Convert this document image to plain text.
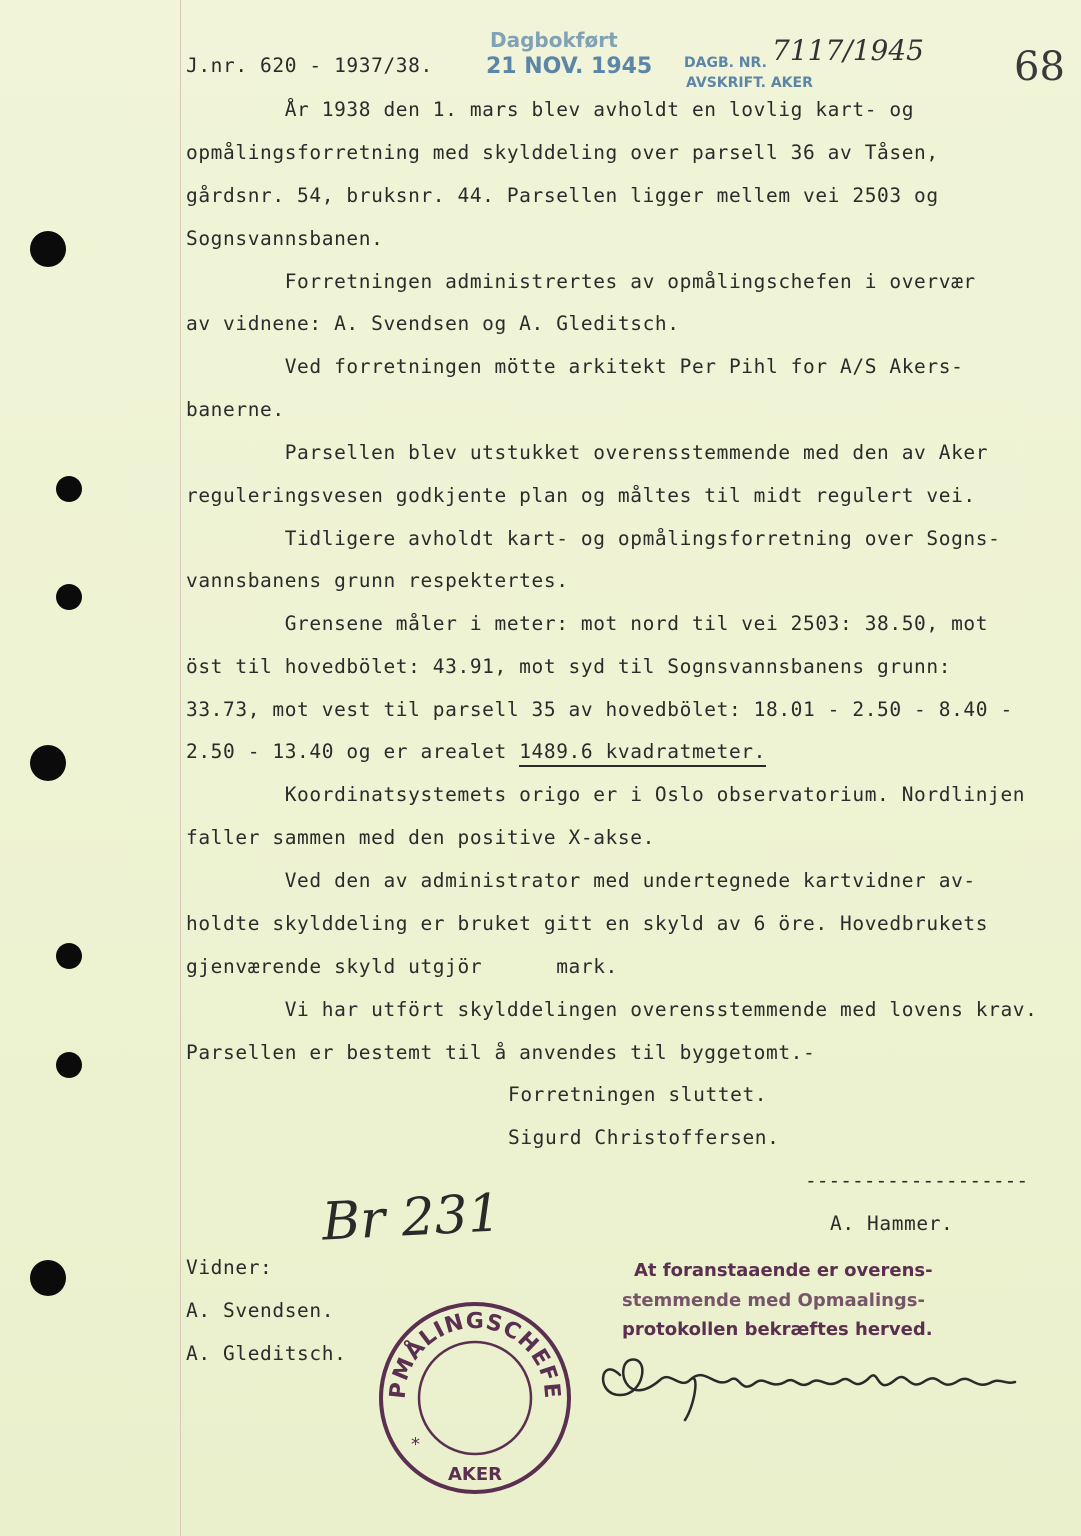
J.nr. 620 - 1937/38.
Dagbokført
21 NOV. 1945 DAGB. NR. 7117/1945
AVSKRIFT. AKER	68
År 1938 den 1. mars blev avholdt en lovlig kart- og
opmålingsforretning med skylddeling over parsell 36 av Tåsen,
gårdsnr. 54, bruksnr. 44. Parsellen ligger mellem vei 2503 og
Sognsvannsbanen.
Forretningen administrertes av opmålingschefen i overvær
av vidnene: A. Svendsen og A. Gleditsch.
Ved forretningen mötte arkitekt Per Pihl for A/S Akers-
banerne.
Parsellen blev utstukket overensstemmende med den av Aker
reguleringsvesen godkjente plan og måltes til midt regulert vei.
Tidligere avholdt kart- og opmålingsforretning over Sogns-
vannsbanens grunn respektertes.
Grensene måler i meter: mot nord til vei 2503: 38.50, mot
öst til hovedbölet: 43.91, mot syd til Sognsvannsbanens grunn:
33.73, mot vest til parsell 35 av hovedbölet: 18.01 - 2.50 - 8.40 -
2.50 - 13.40 og er arealet 1489.6 kvadratmeter.
Koordinatsystemets origo er i Oslo observatorium. Nordlinjen
faller sammen med den positive X-akse.
Ved den av administrator med undertegnede kartvidner av-
holdte skylddeling er bruket gitt en skyld av 6 öre. Hovedbrukets
gjenværende skyld utgjör      mark.
Vi har utfört skylddelingen overensstemmende med lovens krav.
Parsellen er bestemt til å anvendes til byggetomt.-
Forretningen sluttet.
Sigurd Christoffersen.
-------------------
A. Hammer.
Br 231
Vidner:
A. Svendsen.
A. Gleditsch.
At foranstaaende er overens-
stemmende med Opmaalings-
protokollen bekræftes herved.
PMÅLINGSCHEFE
AKER
*
